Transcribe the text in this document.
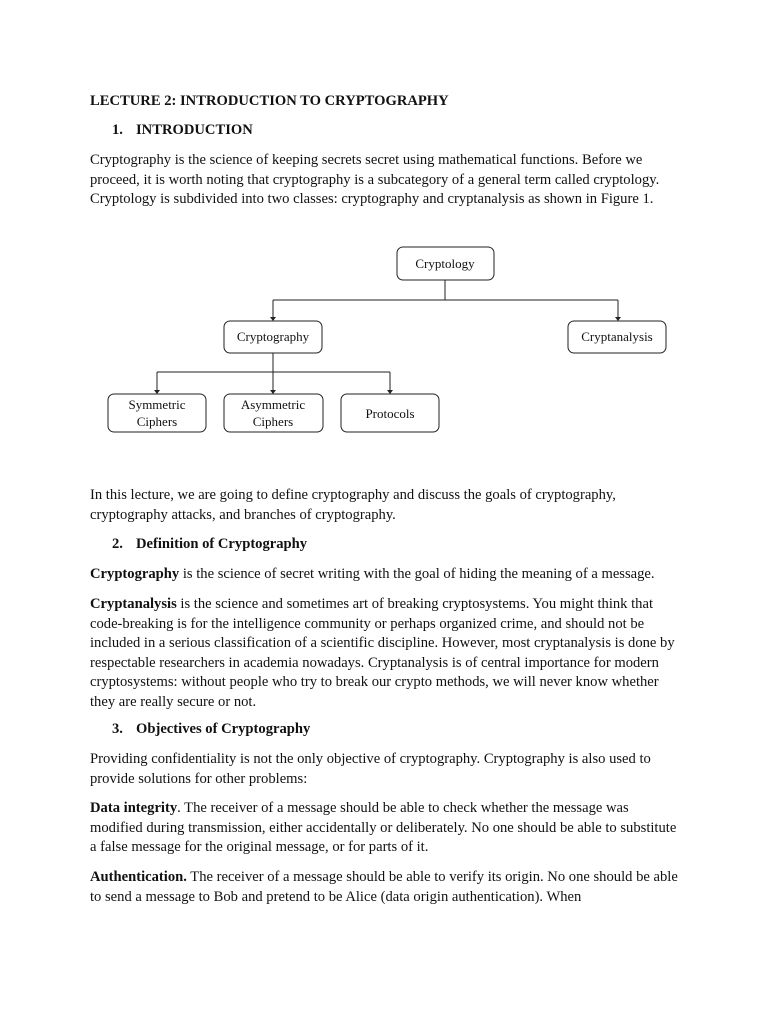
LECTURE 2: INTRODUCTION TO CRYPTOGRAPHY

1. INTRODUCTION

Cryptography is the science of keeping secrets secret using mathematical functions. Before we proceed, it is worth noting that cryptography is a subcategory of a general term called cryptology. Cryptology is subdivided into two classes: cryptography and cryptanalysis as shown in Figure 1.

Cryptology
Cryptography	Cryptanalysis
Symmetric
Ciphers
Asymmetric
Ciphers
Protocols

In this lecture, we are going to define cryptography and discuss the goals of cryptography, cryptography attacks, and branches of cryptography.

2. Definition of Cryptography

Cryptography is the science of secret writing with the goal of hiding the meaning of a message.

Cryptanalysis is the science and sometimes art of breaking cryptosystems. You might think that code-breaking is for the intelligence community or perhaps organized crime, and should not be included in a serious classification of a scientific discipline. However, most cryptanalysis is done by respectable researchers in academia nowadays. Cryptanalysis is of central importance for modern cryptosystems: without people who try to break our crypto methods, we will never know whether they are really secure or not.

3. Objectives of Cryptography

Providing confidentiality is not the only objective of cryptography. Cryptography is also used to provide solutions for other problems:

Data integrity. The receiver of a message should be able to check whether the message was modified during transmission, either accidentally or deliberately. No one should be able to substitute a false message for the original message, or for parts of it.

Authentication. The receiver of a message should be able to verify its origin. No one should be able to send a message to Bob and pretend to be Alice (data origin authentication). When
